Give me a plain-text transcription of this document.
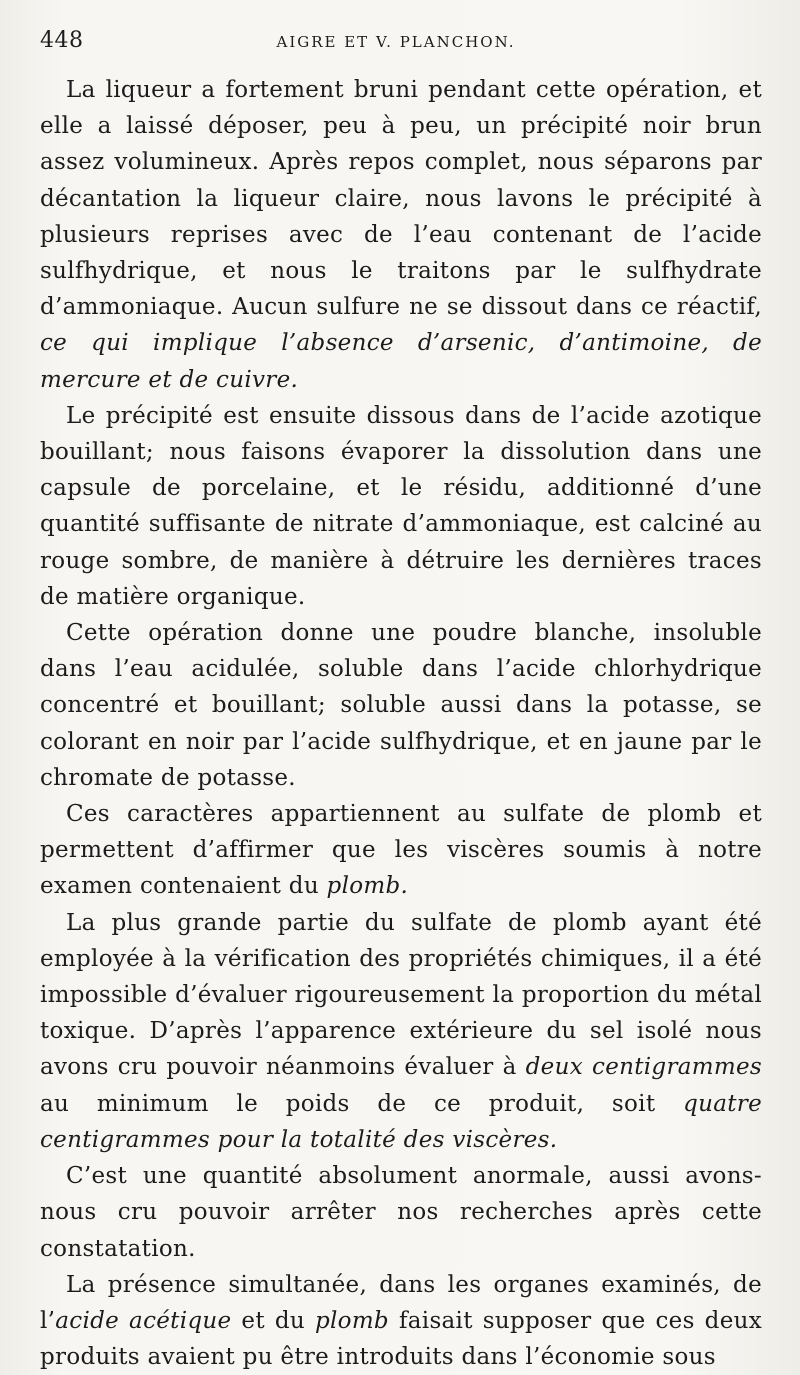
448	AIGRE ET V. PLANCHON.

La liqueur a fortement bruni pendant cette opération, et elle a laissé déposer, peu à peu, un précipité noir brun assez volumineux. Après repos complet, nous séparons par décantation la liqueur claire, nous lavons le précipité à plusieurs reprises avec de l’eau contenant de l’acide sulfhydrique, et nous le traitons par le sulfhydrate d’ammoniaque. Aucun sulfure ne se dissout dans ce réactif, ce qui implique l’absence d’arsenic, d’antimoine, de mercure et de cuivre.

Le précipité est ensuite dissous dans de l’acide azotique bouillant; nous faisons évaporer la dissolution dans une capsule de porcelaine, et le résidu, additionné d’une quantité suffisante de nitrate d’ammoniaque, est calciné au rouge sombre, de manière à détruire les dernières traces de matière organique.

Cette opération donne une poudre blanche, insoluble dans l’eau acidulée, soluble dans l’acide chlorhydrique concentré et bouillant; soluble aussi dans la potasse, se colorant en noir par l’acide sulfhydrique, et en jaune par le chromate de potasse.

Ces caractères appartiennent au sulfate de plomb et permettent d’affirmer que les viscères soumis à notre examen contenaient du plomb.

La plus grande partie du sulfate de plomb ayant été employée à la vérification des propriétés chimiques, il a été impossible d’évaluer rigoureusement la proportion du métal toxique. D’après l’apparence extérieure du sel isolé nous avons cru pouvoir néanmoins évaluer à deux centigrammes au minimum le poids de ce produit, soit quatre centigrammes pour la totalité des viscères.

C’est une quantité absolument anormale, aussi avons-nous cru pouvoir arrêter nos recherches après cette constatation.

La présence simultanée, dans les organes examinés, de l’acide acétique et du plomb faisait supposer que ces deux produits avaient pu être introduits dans l’économie sous
